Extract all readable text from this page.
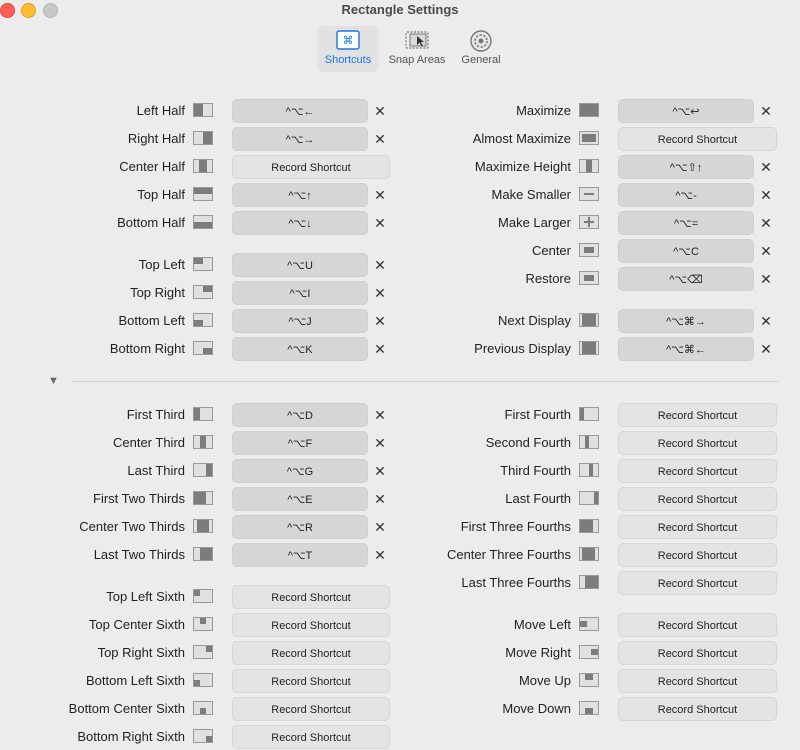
Rectangle Settings
⌘
Shortcuts	Snap Areas	General
▼
Left Half	^⌥←	✕
Right Half	^⌥→	✕
Center Half	Record Shortcut
Top Half	^⌥↑	✕
Bottom Half	^⌥↓	✕
Top Left	^⌥U	✕
Top Right	^⌥I	✕
Bottom Left	^⌥J	✕
Bottom Right	^⌥K	✕
First Third	^⌥D	✕
Center Third	^⌥F	✕
Last Third	^⌥G	✕
First Two Thirds	^⌥E	✕
Center Two Thirds	^⌥R	✕
Last Two Thirds	^⌥T	✕
Top Left Sixth	Record Shortcut
Top Center Sixth	Record Shortcut
Top Right Sixth	Record Shortcut
Bottom Left Sixth	Record Shortcut
Bottom Center Sixth	Record Shortcut
Bottom Right Sixth	Record Shortcut
Maximize	^⌥↩	✕
Almost Maximize	Record Shortcut
Maximize Height	^⌥⇧↑	✕
Make Smaller	^⌥-	✕
Make Larger	^⌥=	✕
Center	^⌥C	✕
Restore	^⌥⌫	✕
Next Display	^⌥⌘→	✕
Previous Display	^⌥⌘←	✕
First Fourth	Record Shortcut
Second Fourth	Record Shortcut
Third Fourth	Record Shortcut
Last Fourth	Record Shortcut
First Three Fourths	Record Shortcut
Center Three Fourths	Record Shortcut
Last Three Fourths	Record Shortcut
Move Left	Record Shortcut
Move Right	Record Shortcut
Move Up	Record Shortcut
Move Down	Record Shortcut
